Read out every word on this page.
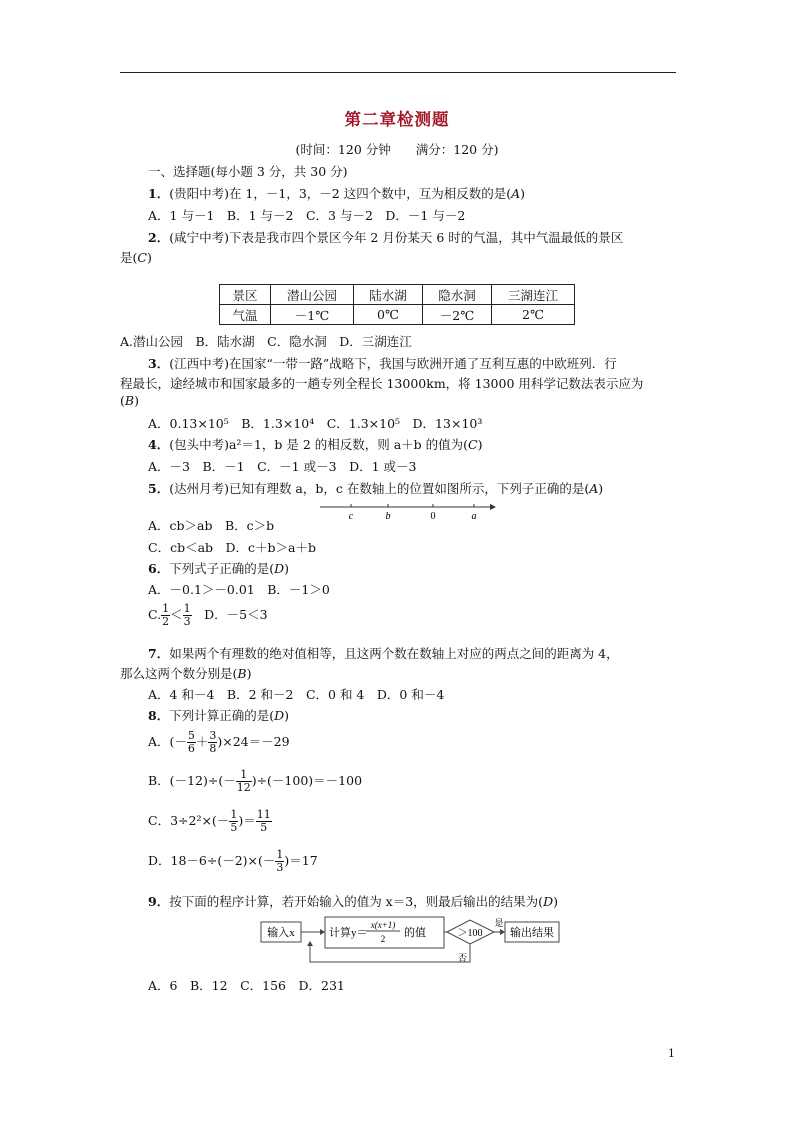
第二章检测题
(时间：120 分钟　　满分：120 分)
一、选择题(每小题 3 分，共 30 分)
1．(贵阳中考)在 1，－1，3，－2 这四个数中，互为相反数的是(A)
A．1 与－1　B．1 与－2　C．3 与－2　D．－1 与－2
2．(咸宁中考)下表是我市四个景区今年 2 月份某天 6 时的气温，其中气温最低的景区
是(C)
景区	潜山公园	陆水湖	隐水洞	三湖连江
气温	－1℃	0℃	－2℃	2℃
A.潜山公园　B．陆水湖　C．隐水洞　D．三湖连江
3．(江西中考)在国家“一带一路”战略下，我国与欧洲开通了互利互惠的中欧班列．行
程最长，途经城市和国家最多的一趟专列全程长 13000km，将 13000 用科学记数法表示应为
(B)
A．0.13×10⁵　B．1.3×10⁴　C．1.3×10⁵　D．13×10³
4．(包头中考)a²＝1，b 是 2 的相反数，则 a＋b 的值为(C)
A．－3　B．－1　C．－1 或－3　D．1 或－3
5．(达州月考)已知有理数 a，b，c 在数轴上的位置如图所示，下列子正确的是(A)
c	b	0	a
A．cb＞ab　B．c＞b
C．cb＜ab　D．c＋b＞a＋b
6．下列式子正确的是(D)
A．－0.1＞－0.01　B．－1＞0
C. $\frac{1}{2} < \frac{1}{3}$ 　D．－5＜3
7．如果两个有理数的绝对值相等，且这两个数在数轴上对应的两点之间的距离为 4，
那么这两个数分别是(B)
A．4 和－4　B．2 和－2　C．0 和 4　D．0 和－4
8．下列计算正确的是(D)
A．(－ $\frac{5}{6} + \frac{3}{8} )\times 24=-29$
B．$(-12)\div(- \frac{1}{12} )\div(-100)=-100$
C．$3\div 2^2\times(- \frac{1}{5}$ )＝ $\frac{11}{5}$
D．$18-6\div(-2)\times(- \frac{1}{3} )=17$
9．按下面的程序计算，若开始输入的值为 x＝3，则最后输出的结果为(D)
输入x	计算y＝
x(x+1)
2 的值	＞100
是
输出结果
否
A．6　B．12　C．156　D．231
1
